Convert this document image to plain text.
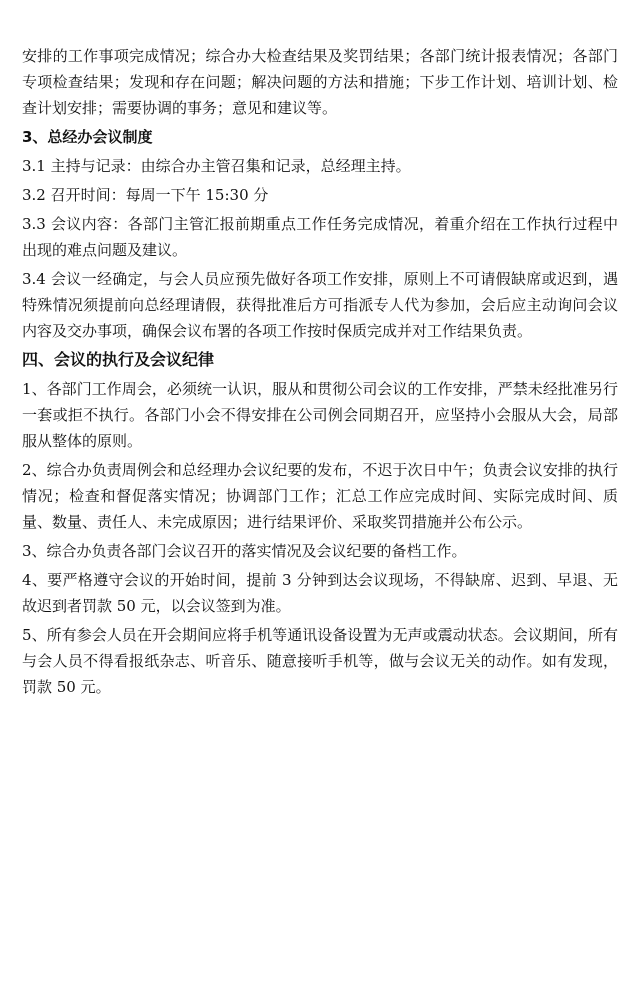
安排的工作事项完成情况；综合办大检查结果及奖罚结果；各部门统计报表情况；各部门专项检查结果；发现和存在问题；解决问题的方法和措施；下步工作计划、培训计划、检查计划安排；需要协调的事务；意见和建议等。

3、总经办会议制度

3.1 主持与记录：由综合办主管召集和记录，总经理主持。

3.2 召开时间：每周一下午 15:30 分

3.3 会议内容：各部门主管汇报前期重点工作任务完成情况，着重介绍在工作执行过程中出现的难点问题及建议。

3.4 会议一经确定，与会人员应预先做好各项工作安排，原则上不可请假缺席或迟到，遇特殊情况须提前向总经理请假，获得批准后方可指派专人代为参加，会后应主动询问会议内容及交办事项，确保会议布署的各项工作按时保质完成并对工作结果负责。

四、会议的执行及会议纪律

1、各部门工作周会，必须统一认识，服从和贯彻公司会议的工作安排，严禁未经批准另行一套或拒不执行。各部门小会不得安排在公司例会同期召开，应坚持小会服从大会，局部服从整体的原则。

2、综合办负责周例会和总经理办会议纪要的发布，不迟于次日中午；负责会议安排的执行情况；检查和督促落实情况；协调部门工作；汇总工作应完成时间、实际完成时间、质量、数量、责任人、未完成原因；进行结果评价、采取奖罚措施并公布公示。

3、综合办负责各部门会议召开的落实情况及会议纪要的备档工作。

4、要严格遵守会议的开始时间，提前 3 分钟到达会议现场，不得缺席、迟到、早退、无故迟到者罚款 50 元，以会议签到为准。

5、所有参会人员在开会期间应将手机等通讯设备设置为无声或震动状态。会议期间，所有与会人员不得看报纸杂志、听音乐、随意接听手机等，做与会议无关的动作。如有发现，罚款 50 元。
